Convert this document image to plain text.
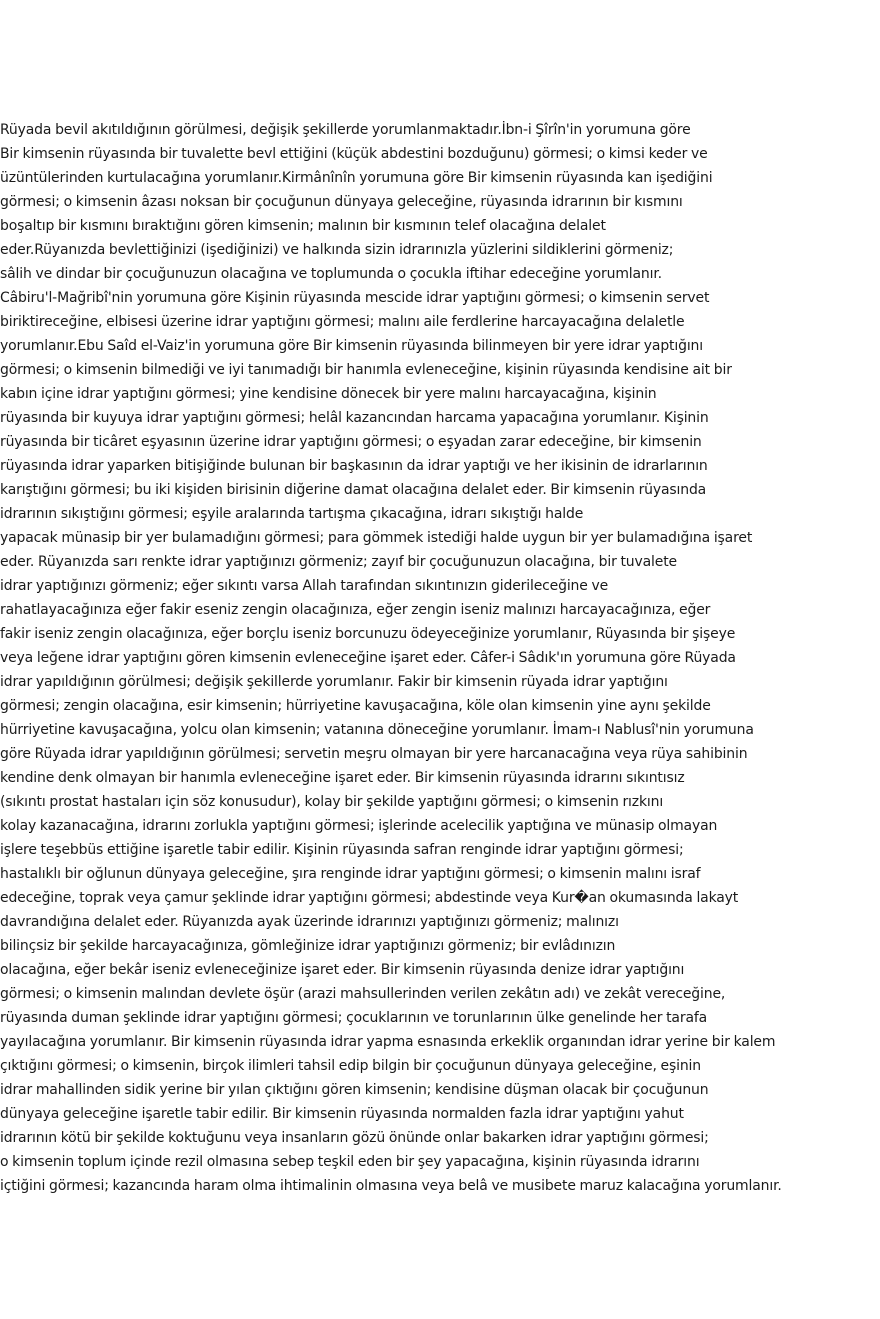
Rüyada bevil akıtıldığının görülmesi, değişik şekillerde yorumlanmaktadır.İbn-i Şîrîn'in yorumuna göre
Bir kimsenin rüyasında bir tuvalette bevl ettiğini (küçük abdestini bozduğunu) görmesi; o kimsi keder ve
üzüntülerinden kurtulacağına yorumlanır.Kirmânînîn yorumuna göre Bir kimsenin rüyasında kan işediğini
görmesi; o kimsenin âzası noksan bir çocuğunun dünyaya geleceğine, rüyasında idrarının bir kısmını
boşaltıp bir kısmını bıraktığını gören kimsenin; malının bir kısmının telef olacağına delalet
eder.Rüyanızda bevlettiğinizi (işediğinizi) ve halkında sizin idrarınızla yüzlerini sildiklerini görmeniz;
sâlih ve dindar bir çocuğunuzun olacağına ve toplumunda o çocukla iftihar edeceğine yorumlanır.
Câbiru'l-Mağribî'nin yorumuna göre Kişinin rüyasında mescide idrar yaptığını görmesi; o kimsenin servet
biriktireceğine, elbisesi üzerine idrar yaptığını görmesi; malını aile ferdlerine harcayacağına delaletle
yorumlanır.Ebu Saîd el-Vaiz'in yorumuna göre Bir kimsenin rüyasında bilinmeyen bir yere idrar yaptığını
görmesi; o kimsenin bilmediği ve iyi tanımadığı bir hanımla evleneceğine, kişinin rüyasında kendisine ait bir
kabın içine idrar yaptığını görmesi; yine kendisine dönecek bir yere malını harcayacağına, kişinin
rüyasında bir kuyuya idrar yaptığını görmesi; helâl kazancından harcama yapacağına yorumlanır. Kişinin
rüyasında bir ticâret eşyasının üzerine idrar yaptığını görmesi; o eşyadan zarar edeceğine, bir kimsenin
rüyasında idrar yaparken bitişiğinde bulunan bir başkasının da idrar yaptığı ve her ikisinin de idrarlarının
karıştığını görmesi; bu iki kişiden birisinin diğerine damat olacağına delalet eder. Bir kimsenin rüyasında
idrarının sıkıştığını görmesi; eşyile aralarında tartışma çıkacağına, idrarı sıkıştığı halde
yapacak münasip bir yer bulamadığını görmesi; para gömmek istediği halde uygun bir yer bulamadığına işaret
eder. Rüyanızda sarı renkte idrar yaptığınızı görmeniz; zayıf bir çocuğunuzun olacağına, bir tuvalete
idrar yaptığınızı görmeniz; eğer sıkıntı varsa Allah tarafından sıkıntınızın giderileceğine ve
rahatlayacağınıza eğer fakir eseniz zengin olacağınıza, eğer zengin iseniz malınızı harcayacağınıza, eğer
fakir iseniz zengin olacağınıza, eğer borçlu iseniz borcunuzu ödeyeceğinize yorumlanır, Rüyasında bir şişeye
veya leğene idrar yaptığını gören kimsenin evleneceğine işaret eder. Câfer-i Sâdık'ın yorumuna göre Rüyada
idrar yapıldığının görülmesi; değişik şekillerde yorumlanır. Fakir bir kimsenin rüyada idrar yaptığını
görmesi; zengin olacağına, esir kimsenin; hürriyetine kavuşacağına, köle olan kimsenin yine aynı şekilde
hürriyetine kavuşacağına, yolcu olan kimsenin; vatanına döneceğine yorumlanır. İmam-ı Nablusî'nin yorumuna
göre Rüyada idrar yapıldığının görülmesi; servetin meşru olmayan bir yere harcanacağına veya rüya sahibinin
kendine denk olmayan bir hanımla evleneceğine işaret eder. Bir kimsenin rüyasında idrarını sıkıntısız
(sıkıntı prostat hastaları için söz konusudur), kolay bir şekilde yaptığını görmesi; o kimsenin rızkını
kolay kazanacağına, idrarını zorlukla yaptığını görmesi; işlerinde acelecilik yaptığına ve münasip olmayan
işlere teşebbüs ettiğine işaretle tabir edilir. Kişinin rüyasında safran renginde idrar yaptığını görmesi;
hastalıklı bir oğlunun dünyaya geleceğine, şıra renginde idrar yaptığını görmesi; o kimsenin malını israf
edeceğine, toprak veya çamur şeklinde idrar yaptığını görmesi; abdestinde veya Kur�an okumasında lakayt
davrandığına delalet eder. Rüyanızda ayak üzerinde idrarınızı yaptığınızı görmeniz; malınızı
bilinçsiz bir şekilde harcayacağınıza, gömleğinize idrar yaptığınızı görmeniz; bir evlâdınızın
olacağına, eğer bekâr iseniz evleneceğinize işaret eder. Bir kimsenin rüyasında denize idrar yaptığını
görmesi; o kimsenin malından devlete öşür (arazi mahsullerinden verilen zekâtın adı) ve zekât vereceğine,
rüyasında duman şeklinde idrar yaptığını görmesi; çocuklarının ve torunlarının ülke genelinde her tarafa
yayılacağına yorumlanır. Bir kimsenin rüyasında idrar yapma esnasında erkeklik organından idrar yerine bir kalem
çıktığını görmesi; o kimsenin, birçok ilimleri tahsil edip bilgin bir çocuğunun dünyaya geleceğine, eşinin
idrar mahallinden sidik yerine bir yılan çıktığını gören kimsenin; kendisine düşman olacak bir çocuğunun
dünyaya geleceğine işaretle tabir edilir. Bir kimsenin rüyasında normalden fazla idrar yaptığını yahut
idrarının kötü bir şekilde koktuğunu veya insanların gözü önünde onlar bakarken idrar yaptığını görmesi;
o kimsenin toplum içinde rezil olmasına sebep teşkil eden bir şey yapacağına, kişinin rüyasında idrarını
içtiğini görmesi; kazancında haram olma ihtimalinin olmasına veya belâ ve musibete maruz kalacağına yorumlanır.
